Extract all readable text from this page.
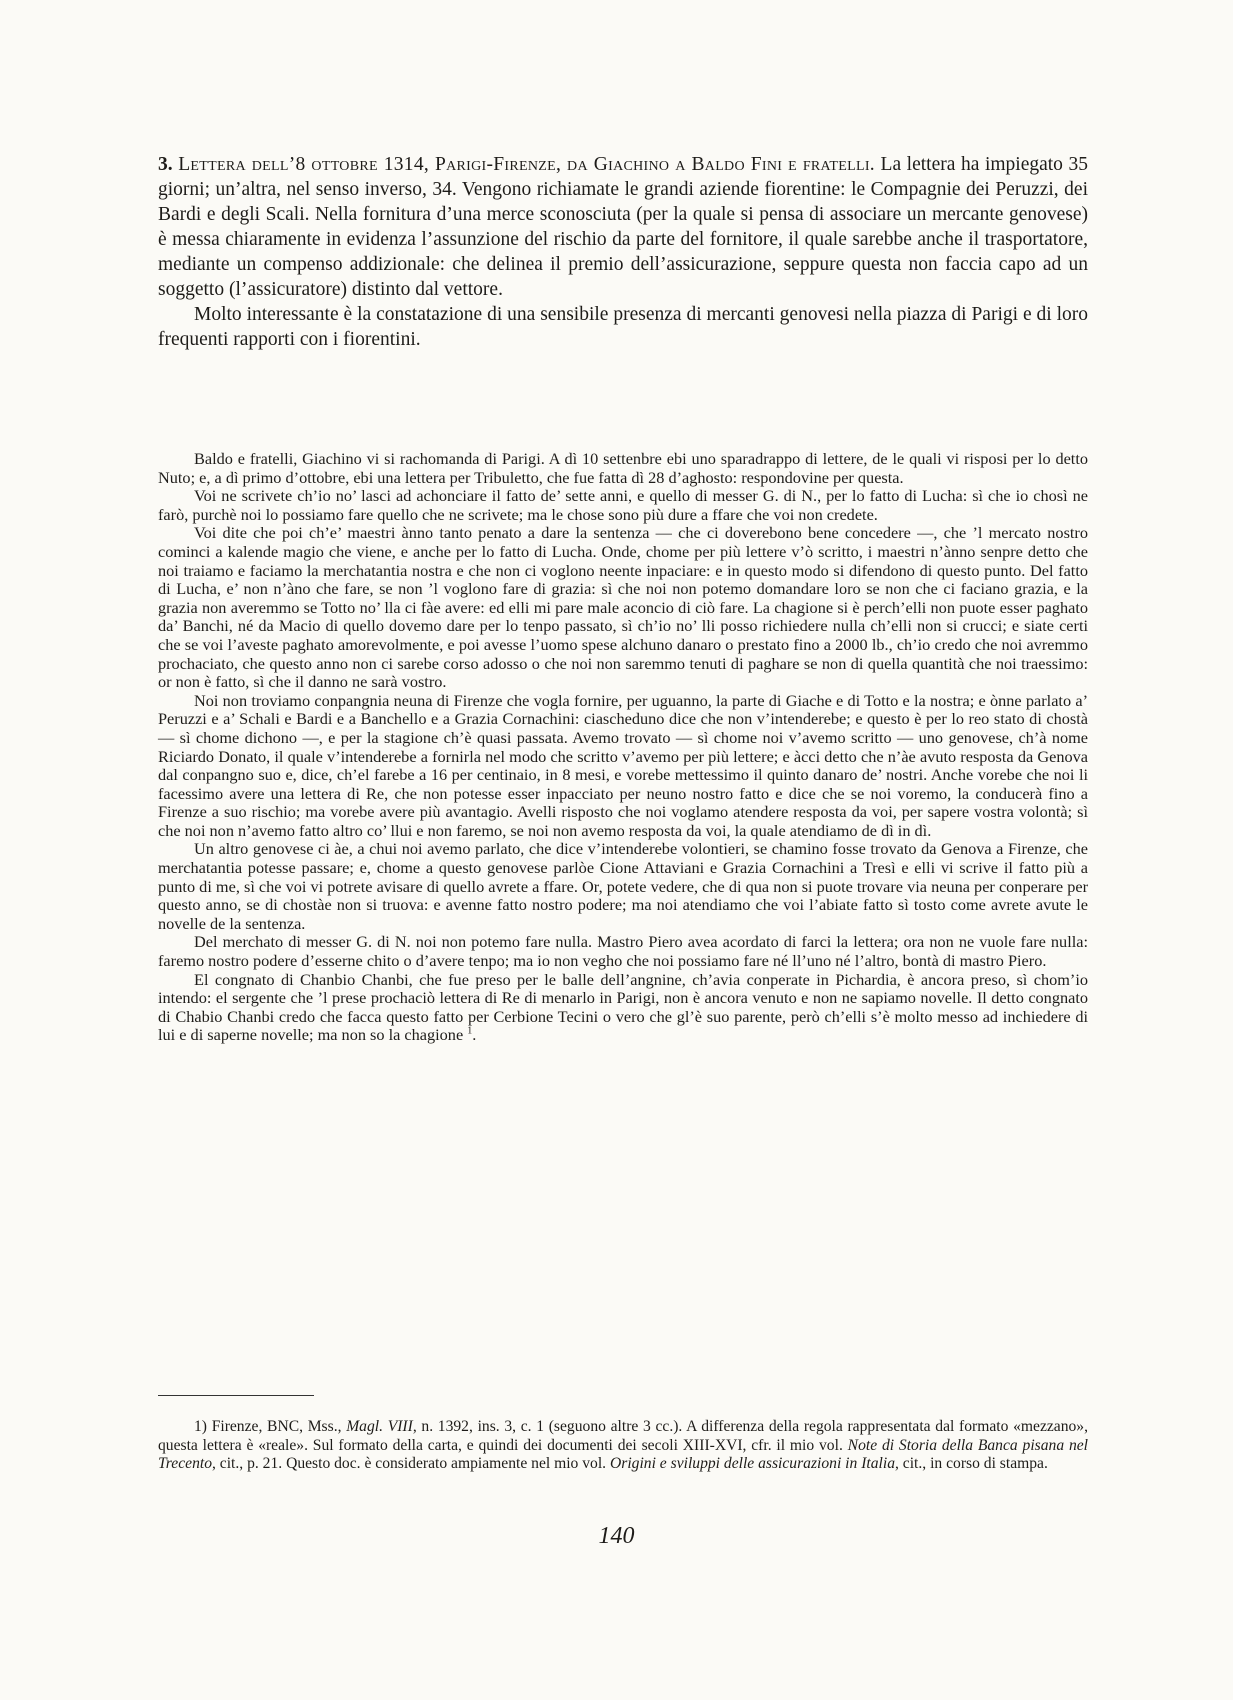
3. Lettera dell’8 ottobre 1314, Parigi-Firenze, da Giachino a Baldo Fini e fratelli. La lettera ha impiegato 35 giorni; un’altra, nel senso inverso, 34. Vengono richiamate le grandi aziende fiorentine: le Compagnie dei Peruzzi, dei Bardi e degli Scali. Nella fornitura d’una merce sconosciuta (per la quale si pensa di associare un mercante genovese) è messa chiaramente in evidenza l’assunzione del rischio da parte del fornitore, il quale sarebbe anche il trasportatore, mediante un compenso addizionale: che delinea il premio dell’assicurazione, seppure questa non faccia capo ad un soggetto (l’assicuratore) distinto dal vettore.

Molto interessante è la constatazione di una sensibile presenza di mercanti genovesi nella piazza di Parigi e di loro frequenti rapporti con i fiorentini.

Baldo e fratelli, Giachino vi si rachomanda di Parigi. A dì 10 settenbre ebi uno sparadrappo di lettere, de le quali vi risposi per lo detto Nuto; e, a dì primo d’ottobre, ebi una lettera per Tribuletto, che fue fatta dì 28 d’aghosto: respondovine per questa.

Voi ne scrivete ch’io no’ lasci ad achonciare il fatto de’ sette anni, e quello di messer G. di N., per lo fatto di Lucha: sì che io chosì ne farò, purchè noi lo possiamo fare quello che ne scrivete; ma le chose sono più dure a ffare che voi non credete.

Voi dite che poi ch’e’ maestri ànno tanto penato a dare la sentenza — che ci doverebono bene concedere —, che ’l mercato nostro cominci a kalende magio che viene, e anche per lo fatto di Lucha. Onde, chome per più lettere v’ò scritto, i maestri n’ànno senpre detto che noi traiamo e faciamo la merchatantia nostra e che non ci voglono neente inpaciare: e in questo modo si difendono di questo punto. Del fatto di Lucha, e’ non n’àno che fare, se non ’l voglono fare di grazia: sì che noi non potemo domandare loro se non che ci faciano grazia, e la grazia non averemmo se Totto no’ lla ci fàe avere: ed elli mi pare male aconcio di ciò fare. La chagione si è perch’elli non puote esser paghato da’ Banchi, né da Macio di quello dovemo dare per lo tenpo passato, sì ch’io no’ lli posso richiedere nulla ch’elli non si crucci; e siate certi che se voi l’aveste paghato amorevolmente, e poi avesse l’uomo spese alchuno danaro o prestato fino a 2000 lb., ch’io credo che noi avremmo prochaciato, che questo anno non ci sarebe corso adosso o che noi non saremmo tenuti di paghare se non di quella quantità che noi traessimo: or non è fatto, sì che il danno ne sarà vostro.

Noi non troviamo conpangnia neuna di Firenze che vogla fornire, per uguanno, la parte di Giache e di Totto e la nostra; e ònne parlato a’ Peruzzi e a’ Schali e Bardi e a Banchello e a Grazia Cornachini: ciascheduno dice che non v’intenderebe; e questo è per lo reo stato di chostà — sì chome dichono —, e per la stagione ch’è quasi passata. Avemo trovato — sì chome noi v’avemo scritto — uno genovese, ch’à nome Riciardo Donato, il quale v’intenderebe a fornirla nel modo che scritto v’avemo per più lettere; e àcci detto che n’àe avuto resposta da Genova dal conpangno suo e, dice, ch’el farebe a 16 per centinaio, in 8 mesi, e vorebe mettessimo il quinto danaro de’ nostri. Anche vorebe che noi li facessimo avere una lettera di Re, che non potesse esser inpacciato per neuno nostro fatto e dice che se noi voremo, la conducerà fino a Firenze a suo rischio; ma vorebe avere più avantagio. Avelli risposto che noi voglamo atendere resposta da voi, per sapere vostra volontà; sì che noi non n’avemo fatto altro co’ llui e non faremo, se noi non avemo resposta da voi, la quale atendiamo de dì in dì.

Un altro genovese ci àe, a chui noi avemo parlato, che dice v’intenderebe volontieri, se chamino fosse trovato da Genova a Firenze, che merchatantia potesse passare; e, chome a questo genovese parlòe Cione Attaviani e Grazia Cornachini a Tresì e elli vi scrive il fatto più a punto di me, sì che voi vi potrete avisare di quello avrete a ffare. Or, potete vedere, che di qua non si puote trovare via neuna per conperare per questo anno, se di chostàe non si truova: e avenne fatto nostro podere; ma noi atendiamo che voi l’abiate fatto sì tosto come avrete avute le novelle de la sentenza.

Del merchato di messer G. di N. noi non potemo fare nulla. Mastro Piero avea acordato di farci la lettera; ora non ne vuole fare nulla: faremo nostro podere d’esserne chito o d’avere tenpo; ma io non vegho che noi possiamo fare né ll’uno né l’altro, bontà di mastro Piero.

El congnato di Chanbio Chanbi, che fue preso per le balle dell’angnine, ch’avia conperate in Pichardia, è ancora preso, sì chom’io intendo: el sergente che ’l prese prochaciò lettera di Re di menarlo in Parigi, non è ancora venuto e non ne sapiamo novelle. Il detto congnato di Chabio Chanbi credo che facca questo fatto per Cerbione Tecini o vero che gl’è suo parente, però ch’elli s’è molto messo ad inchiedere di lui e di saperne novelle; ma non so la chagione $^1$.

1) Firenze, BNC, Mss., Magl. VIII, n. 1392, ins. 3, c. 1 (seguono altre 3 cc.). A differenza della regola rappresentata dal formato «mezzano», questa lettera è «reale». Sul formato della carta, e quindi dei documenti dei secoli XIII-XVI, cfr. il mio vol. Note di Storia della Banca pisana nel Trecento, cit., p. 21. Questo doc. è considerato ampiamente nel mio vol. Origini e sviluppi delle assicurazioni in Italia, cit., in corso di stampa.

140
